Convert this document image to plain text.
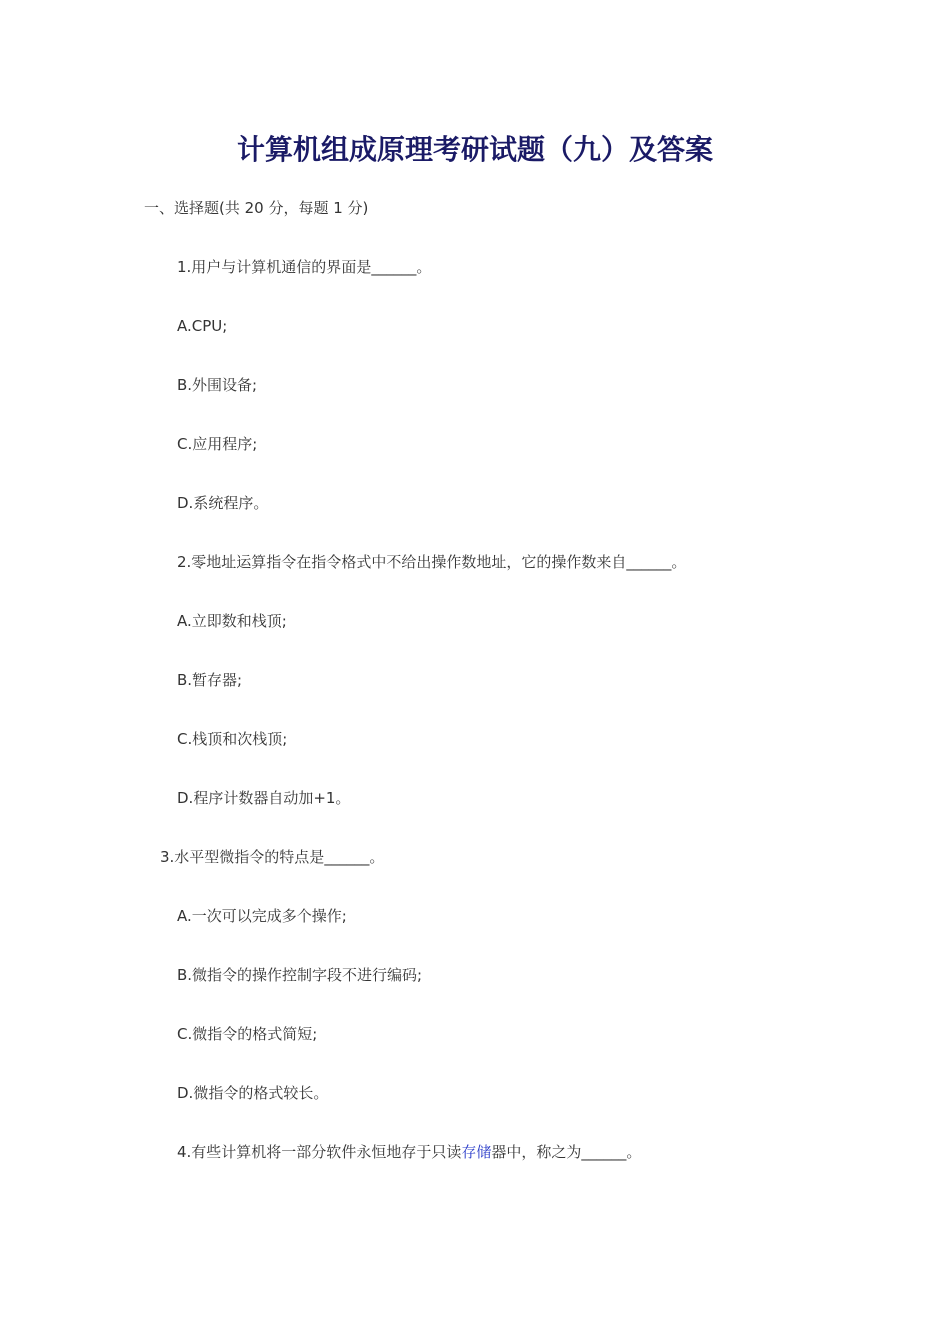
计算机组成原理考研试题（九）及答案
一、选择题(共 20 分，每题 1 分)
1.用户与计算机通信的界面是______。
A.CPU;
B.外围设备;
C.应用程序;
D.系统程序。
2.零地址运算指令在指令格式中不给出操作数地址，它的操作数来自______。
A.立即数和栈顶;
B.暂存器;
C.栈顶和次栈顶;
D.程序计数器自动加+1。
3.水平型微指令的特点是______。
A.一次可以完成多个操作;
B.微指令的操作控制字段不进行编码;
C.微指令的格式简短;
D.微指令的格式较长。
4.有些计算机将一部分软件永恒地存于只读存储器中，称之为______。
